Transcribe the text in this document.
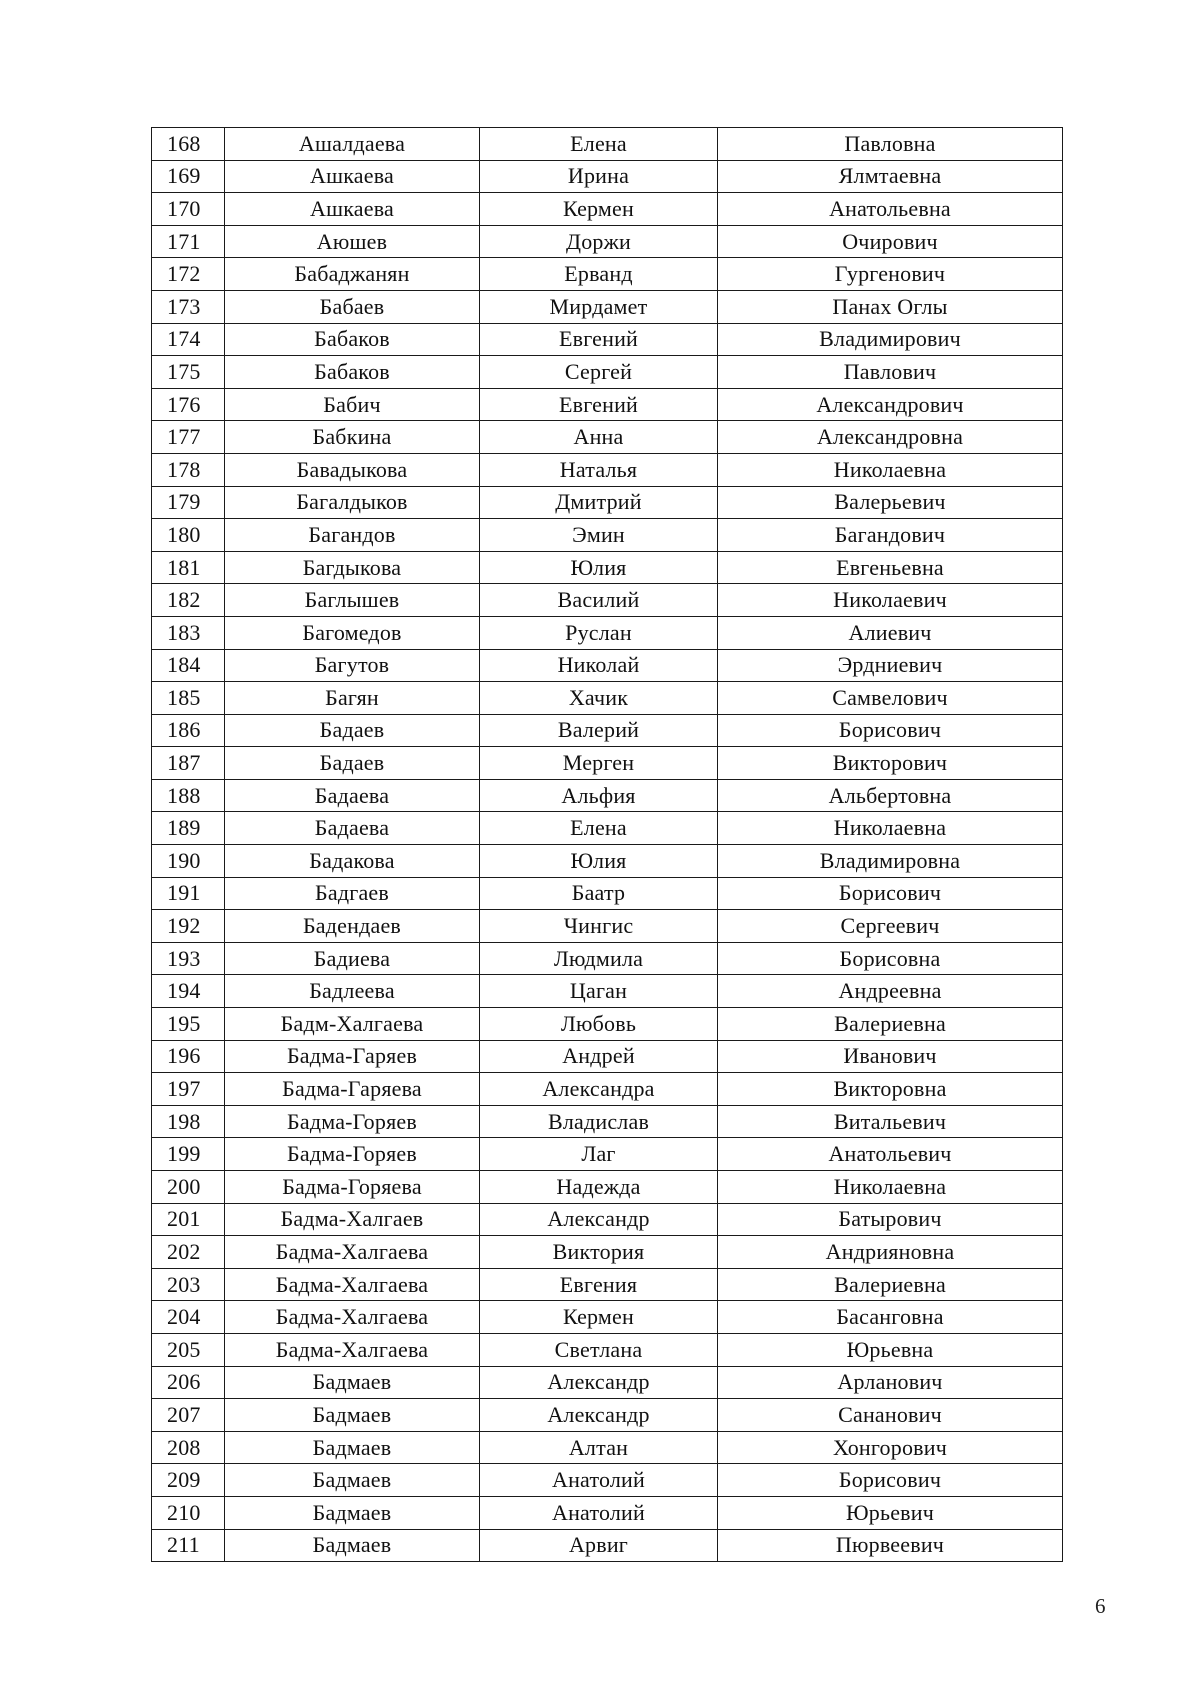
168	Ашалдаева	Елена	Павловна
169	Ашкаева	Ирина	Ялмтаевна
170	Ашкаева	Кермен	Анатольевна
171	Аюшев	Доржи	Очирович
172	Бабаджанян	Ерванд	Гургенович
173	Бабаев	Мирдамет	Панах Оглы
174	Бабаков	Евгений	Владимирович
175	Бабаков	Сергей	Павлович
176	Бабич	Евгений	Александрович
177	Бабкина	Анна	Александровна
178	Бавадыкова	Наталья	Николаевна
179	Багалдыков	Дмитрий	Валерьевич
180	Багандов	Эмин	Багандович
181	Багдыкова	Юлия	Евгеньевна
182	Баглышев	Василий	Николаевич
183	Багомедов	Руслан	Алиевич
184	Багутов	Николай	Эрдниевич
185	Багян	Хачик	Самвелович
186	Бадаев	Валерий	Борисович
187	Бадаев	Мерген	Викторович
188	Бадаева	Альфия	Альбертовна
189	Бадаева	Елена	Николаевна
190	Бадакова	Юлия	Владимировна
191	Бадгаев	Баатр	Борисович
192	Бадендаев	Чингис	Сергеевич
193	Бадиева	Людмила	Борисовна
194	Бадлеева	Цаган	Андреевна
195	Бадм-Халгаева	Любовь	Валериевна
196	Бадма-Гаряев	Андрей	Иванович
197	Бадма-Гаряева	Александра	Викторовна
198	Бадма-Горяев	Владислав	Витальевич
199	Бадма-Горяев	Лаг	Анатольевич
200	Бадма-Горяева	Надежда	Николаевна
201	Бадма-Халгаев	Александр	Батырович
202	Бадма-Халгаева	Виктория	Андрияновна
203	Бадма-Халгаева	Евгения	Валериевна
204	Бадма-Халгаева	Кермен	Басанговна
205	Бадма-Халгаева	Светлана	Юрьевна
206	Бадмаев	Александр	Арланович
207	Бадмаев	Александр	Сананович
208	Бадмаев	Алтан	Хонгорович
209	Бадмаев	Анатолий	Борисович
210	Бадмаев	Анатолий	Юрьевич
211	Бадмаев	Арвиг	Пюрвеевич
6
